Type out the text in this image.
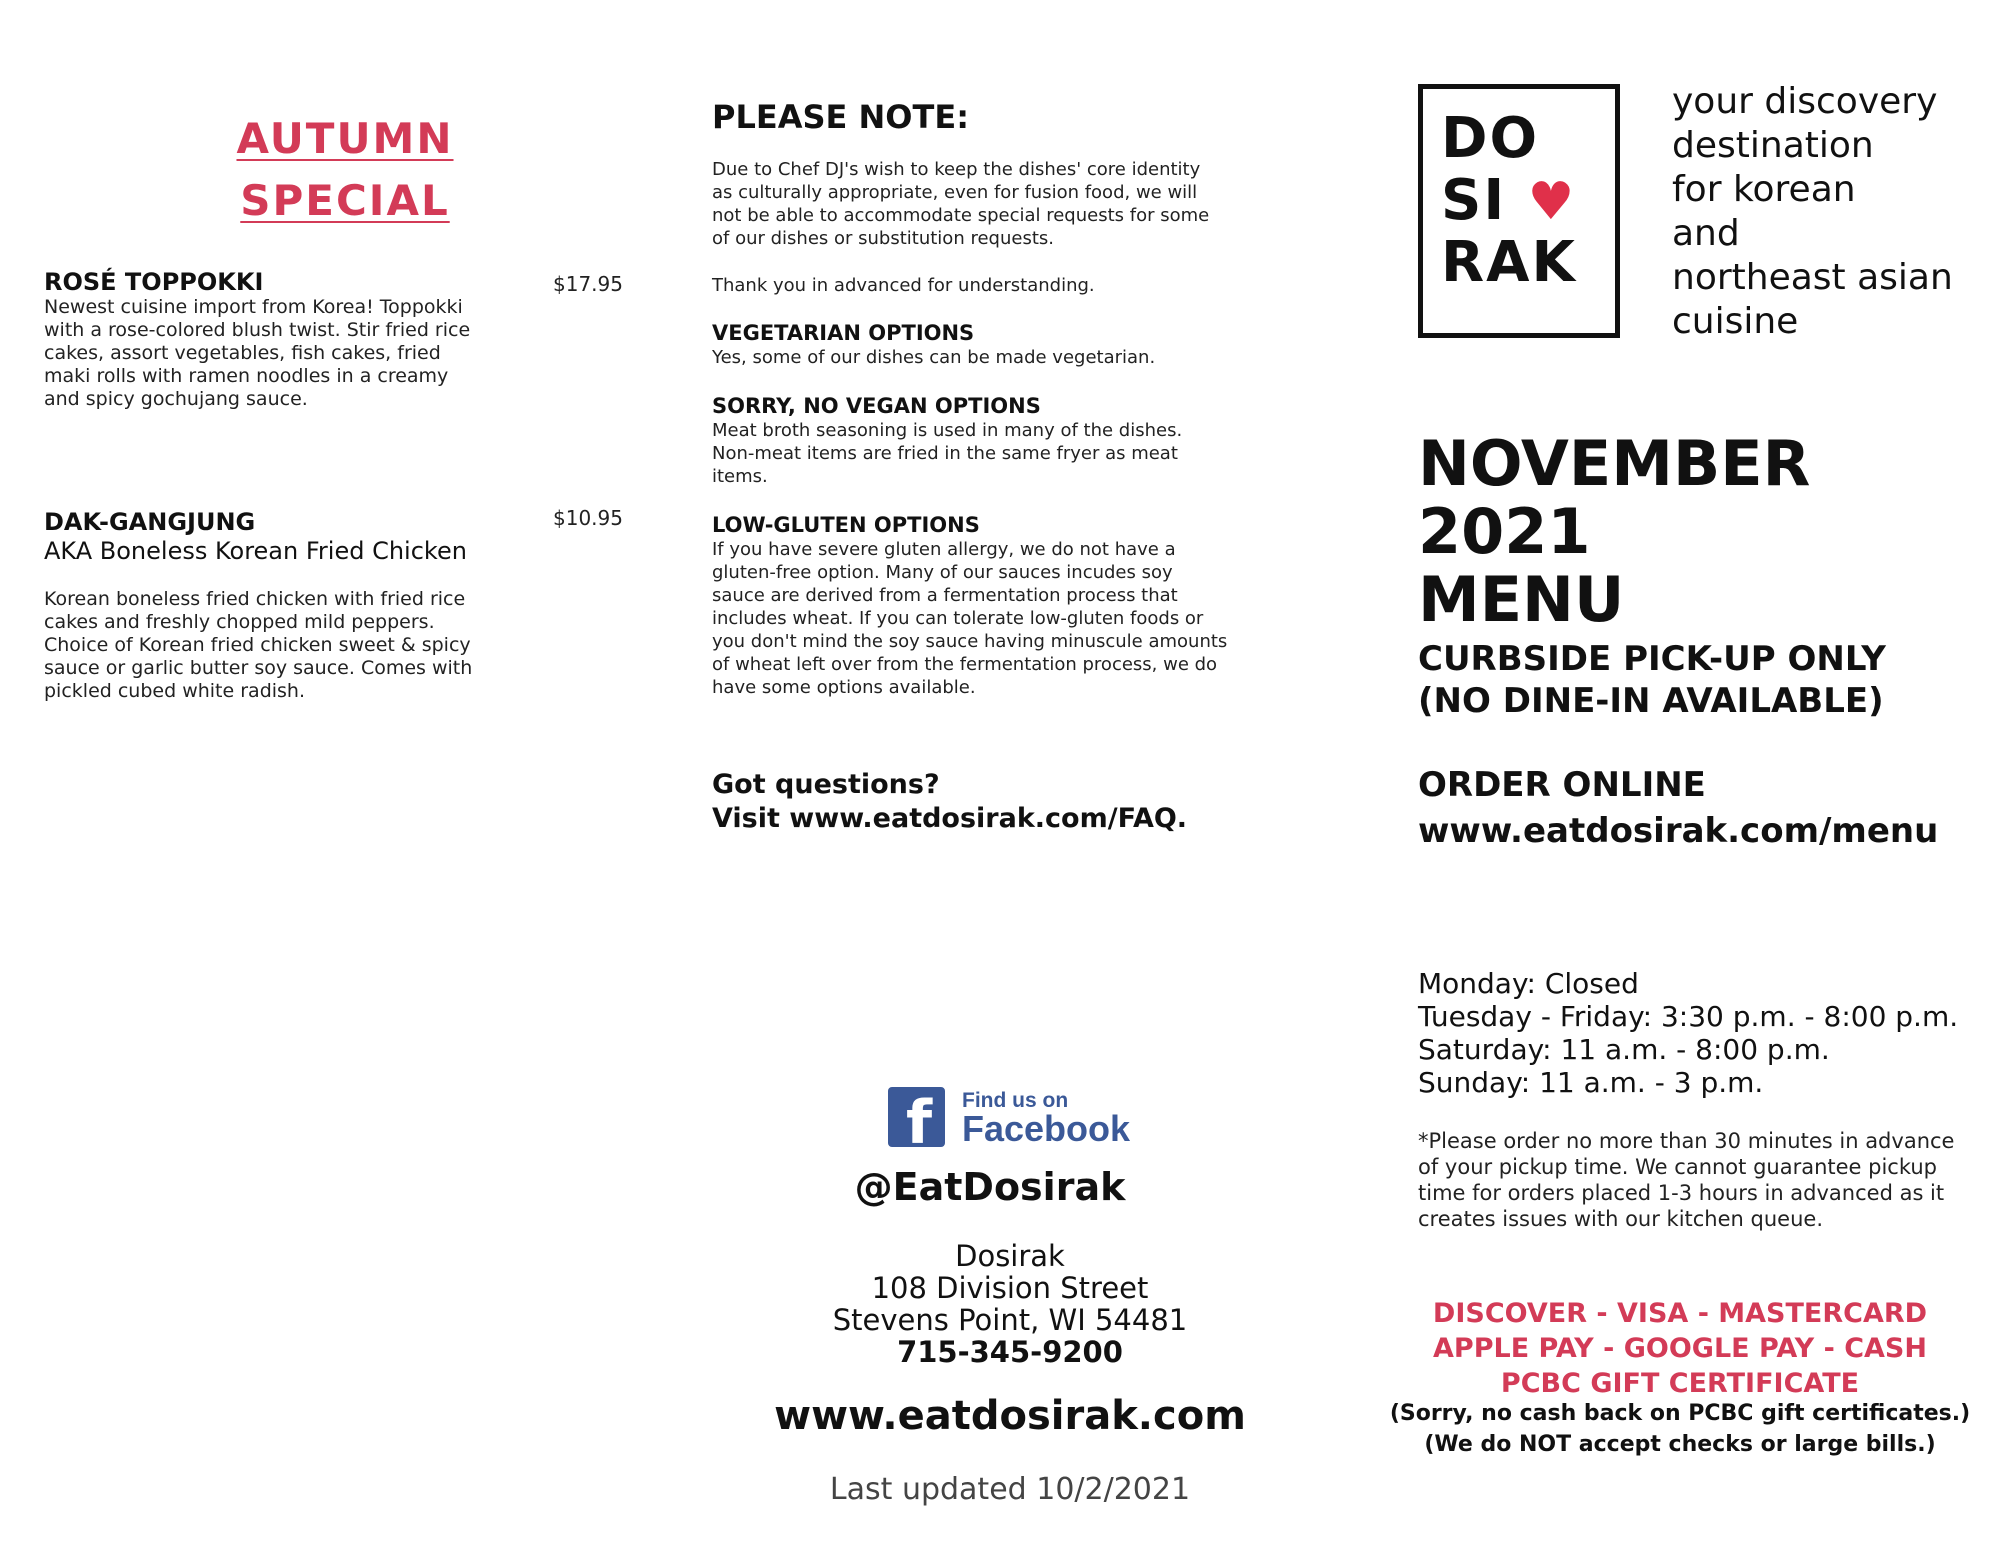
AUTUMN
SPECIAL
ROSÉ TOPPOKKI	$17.95
Newest cuisine import from Korea! Toppokki
with a rose-colored blush twist. Stir fried rice
cakes, assort vegetables, fish cakes, fried
maki rolls with ramen noodles in a creamy
and spicy gochujang sauce.
DAK-GANGJUNG	$10.95
AKA Boneless Korean Fried Chicken
Korean boneless fried chicken with fried rice
cakes and freshly chopped mild peppers.
Choice of Korean fried chicken sweet & spicy
sauce or garlic butter soy sauce. Comes with
pickled cubed white radish.
PLEASE NOTE:
Due to Chef DJ's wish to keep the dishes' core identity
as culturally appropriate, even for fusion food, we will
not be able to accommodate special requests for some
of our dishes or substitution requests.
Thank you in advanced for understanding.
VEGETARIAN OPTIONS
Yes, some of our dishes can be made vegetarian.
SORRY, NO VEGAN OPTIONS
Meat broth seasoning is used in many of the dishes.
Non-meat items are fried in the same fryer as meat
items.
LOW-GLUTEN OPTIONS
If you have severe gluten allergy, we do not have a
gluten-free option. Many of our sauces incudes soy
sauce are derived from a fermentation process that
includes wheat. If you can tolerate low-gluten foods or
you don't mind the soy sauce having minuscule amounts
of wheat left over from the fermentation process, we do
have some options available.
Got questions?
Visit www.eatdosirak.com/FAQ.
f Find us on
Facebook
@EatDosirak
Dosirak
108 Division Street
Stevens Point, WI 54481
715-345-9200
www.eatdosirak.com
Last updated 10/2/2021
DO
SI ♥
RAK
your discovery
destination
for korean
and
northeast asian
cuisine
NOVEMBER 2021
MENU
CURBSIDE PICK-UP ONLY
(NO DINE-IN AVAILABLE)
ORDER ONLINE
www.eatdosirak.com/menu
Monday: Closed
Tuesday - Friday: 3:30 p.m. - 8:00 p.m.
Saturday: 11 a.m. - 8:00 p.m.
Sunday: 11 a.m. - 3 p.m.
*Please order no more than 30 minutes in advance
of your pickup time. We cannot guarantee pickup
time for orders placed 1-3 hours in advanced as it
creates issues with our kitchen queue.
DISCOVER - VISA - MASTERCARD
APPLE PAY - GOOGLE PAY - CASH
PCBC GIFT CERTIFICATE
(Sorry, no cash back on PCBC gift certificates.)
(We do NOT accept checks or large bills.)
